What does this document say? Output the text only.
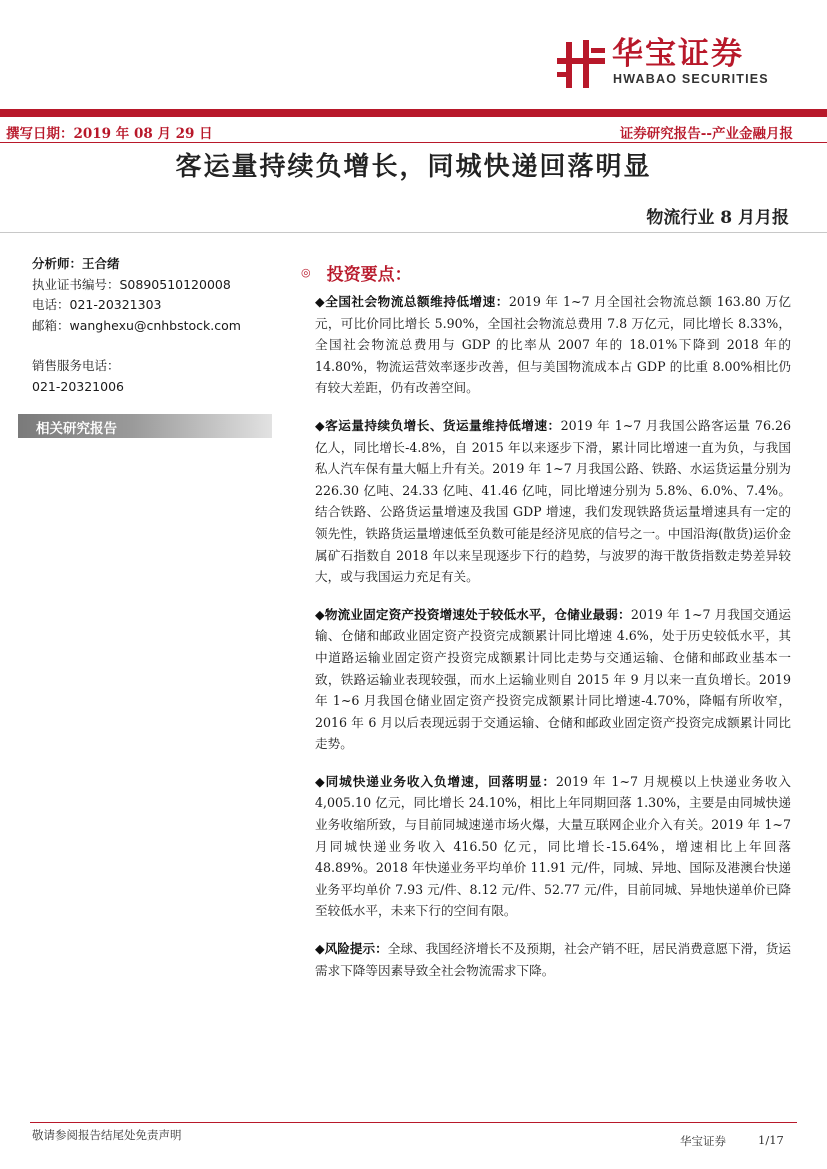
华宝证券
HWABAO SECURITIES
撰写日期：2019 年 08 月 29 日	证券研究报告--产业金融月报
客运量持续负增长，同城快递回落明显
物流行业 8 月月报
分析师：王合绪
执业证书编号：S0890510120008
电话：021-20321303
邮箱：wanghexu@cnhbstock.com
销售服务电话：
021-20321006
相关研究报告
◎ 投资要点：

◆全国社会物流总额维持低增速：2019 年 1~7 月全国社会物流总额 163.80 万亿元，可比价同比增长 5.90%，全国社会物流总费用 7.8 万亿元，同比增长 8.33%，全国社会物流总费用与 GDP 的比率从 2007 年的 18.01%下降到 2018 年的 14.80%，物流运营效率逐步改善，但与美国物流成本占 GDP 的比重 8.00%相比仍有较大差距，仍有改善空间。

◆客运量持续负增长、货运量维持低增速：2019 年 1~7 月我国公路客运量 76.26 亿人，同比增长-4.8%，自 2015 年以来逐步下滑，累计同比增速一直为负，与我国私人汽车保有量大幅上升有关。2019 年 1~7 月我国公路、铁路、水运货运量分别为 226.30 亿吨、24.33 亿吨、41.46 亿吨，同比增速分别为 5.8%、6.0%、7.4%。结合铁路、公路货运量增速及我国 GDP 增速，我们发现铁路货运量增速具有一定的领先性，铁路货运量增速低至负数可能是经济见底的信号之一。中国沿海(散货)运价金属矿石指数自 2018 年以来呈现逐步下行的趋势，与波罗的海干散货指数走势差异较大，或与我国运力充足有关。

◆物流业固定资产投资增速处于较低水平，仓储业最弱：2019 年 1~7 月我国交通运输、仓储和邮政业固定资产投资完成额累计同比增速 4.6%，处于历史较低水平，其中道路运输业固定资产投资完成额累计同比走势与交通运输、仓储和邮政业基本一致，铁路运输业表现较强，而水上运输业则自 2015 年 9 月以来一直负增长。2019 年 1~6 月我国仓储业固定资产投资完成额累计同比增速-4.70%，降幅有所收窄，2016 年 6 月以后表现远弱于交通运输、仓储和邮政业固定资产投资完成额累计同比走势。

◆同城快递业务收入负增速，回落明显：2019 年 1~7 月规模以上快递业务收入 4,005.10 亿元，同比增长 24.10%，相比上年同期回落 1.30%，主要是由同城快递业务收缩所致，与目前同城速递市场火爆，大量互联网企业介入有关。2019 年 1~7 月同城快递业务收入 416.50 亿元，同比增长-15.64%，增速相比上年回落 48.89%。2018 年快递业务平均单价 11.91 元/件，同城、异地、国际及港澳台快递业务平均单价 7.93 元/件、8.12 元/件、52.77 元/件，目前同城、异地快递单价已降至较低水平，未来下行的空间有限。

◆风险提示：全球、我国经济增长不及预期，社会产销不旺，居民消费意愿下滑，货运需求下降等因素导致全社会物流需求下降。

敬请参阅报告结尾处免责声明	华宝证券	1/17
